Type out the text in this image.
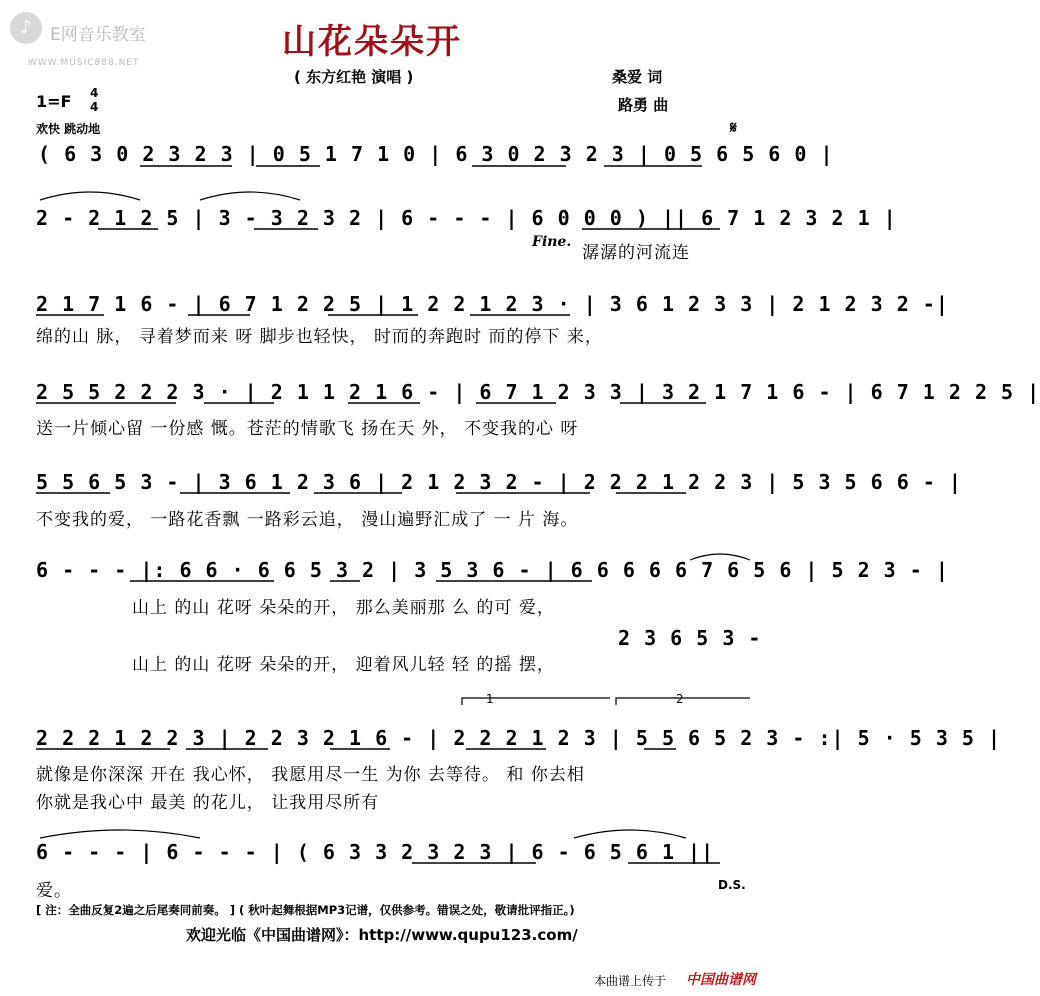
♪	E网音乐教室
WWW.MUSIC888.NET
山花朵朵开
( 东方红艳 演唱 )	桑爱 词
路勇 曲
1=F 4
4
欢快 跳动地	𝄋
( 6 3 0 2 3 2 3 | 0 5 1 7 1 0 | 6 3 0 2 3 2 3 | 0 5 6 5 6 0 |
2 - 2 1 2 5 | 3 - 3 2 3 2 | 6 - - - | 6 0 0 0 ) || 6 7 1 2 3 2 1 |
Fine.
潺潺的河流连
2 1 7 1 6 - | 6 7 1 2 2 5 | 1 2 2 1 2 3 · | 3 6 1 2 3 3 | 2 1 2 3 2 -|
绵的山 脉， 寻着梦而来 呀 脚步也轻快， 时而的奔跑时 而的停下 来，
2 5 5 2 2 2 3 · | 2 1 1 2 1 6 - | 6 7 1 2 3 3 | 3 2 1 7 1 6 - | 6 7 1 2 2 5 |
送一片倾心留 一份感 慨。苍茫的情歌飞 扬在天 外， 不变我的心 呀
5 5 6 5 3 - | 3 6 1 2 3 6 | 2 1 2 3 2 - | 2 2 2 1 2 2 3 | 5 3 5 6 6 - |
不变我的爱， 一路花香飘 一路彩云追， 漫山遍野汇成了 一 片 海。
6 - - - |: 6 6 · 6 6 5 3 2 | 3 5 3 6 - | 6 6 6 6 6 7 6 5 6 | 5 2 3 - |
山上 的山 花呀 朵朵的开， 那么美丽那 么 的可 爱，
2 3 6 5 3 -
山上 的山 花呀 朵朵的开， 迎着风儿轻 轻 的摇 摆，
1	2
2 2 2 1 2 2 3 | 2 2 3 2 1 6 - | 2 2 2 1 2 3 | 5 5 6 5 2 3 - :| 5 · 5 3 5 |
就像是你深深 开在 我心怀， 我愿用尽一生 为你 去等待。 和 你去相
你就是我心中 最美 的花儿， 让我用尽所有
6 - - - | 6 - - - | ( 6 3 3 2 3 2 3 | 6 - 6 5 6 1 ||
爱。	D.S.
[ 注：全曲反复2遍之后尾奏同前奏。 ] ( 秋叶起舞根据MP3记谱，仅供参考。错误之处，敬请批评指正。)
欢迎光临《中国曲谱网》：http://www.qupu123.com/
本曲谱上传于 中国曲谱网
